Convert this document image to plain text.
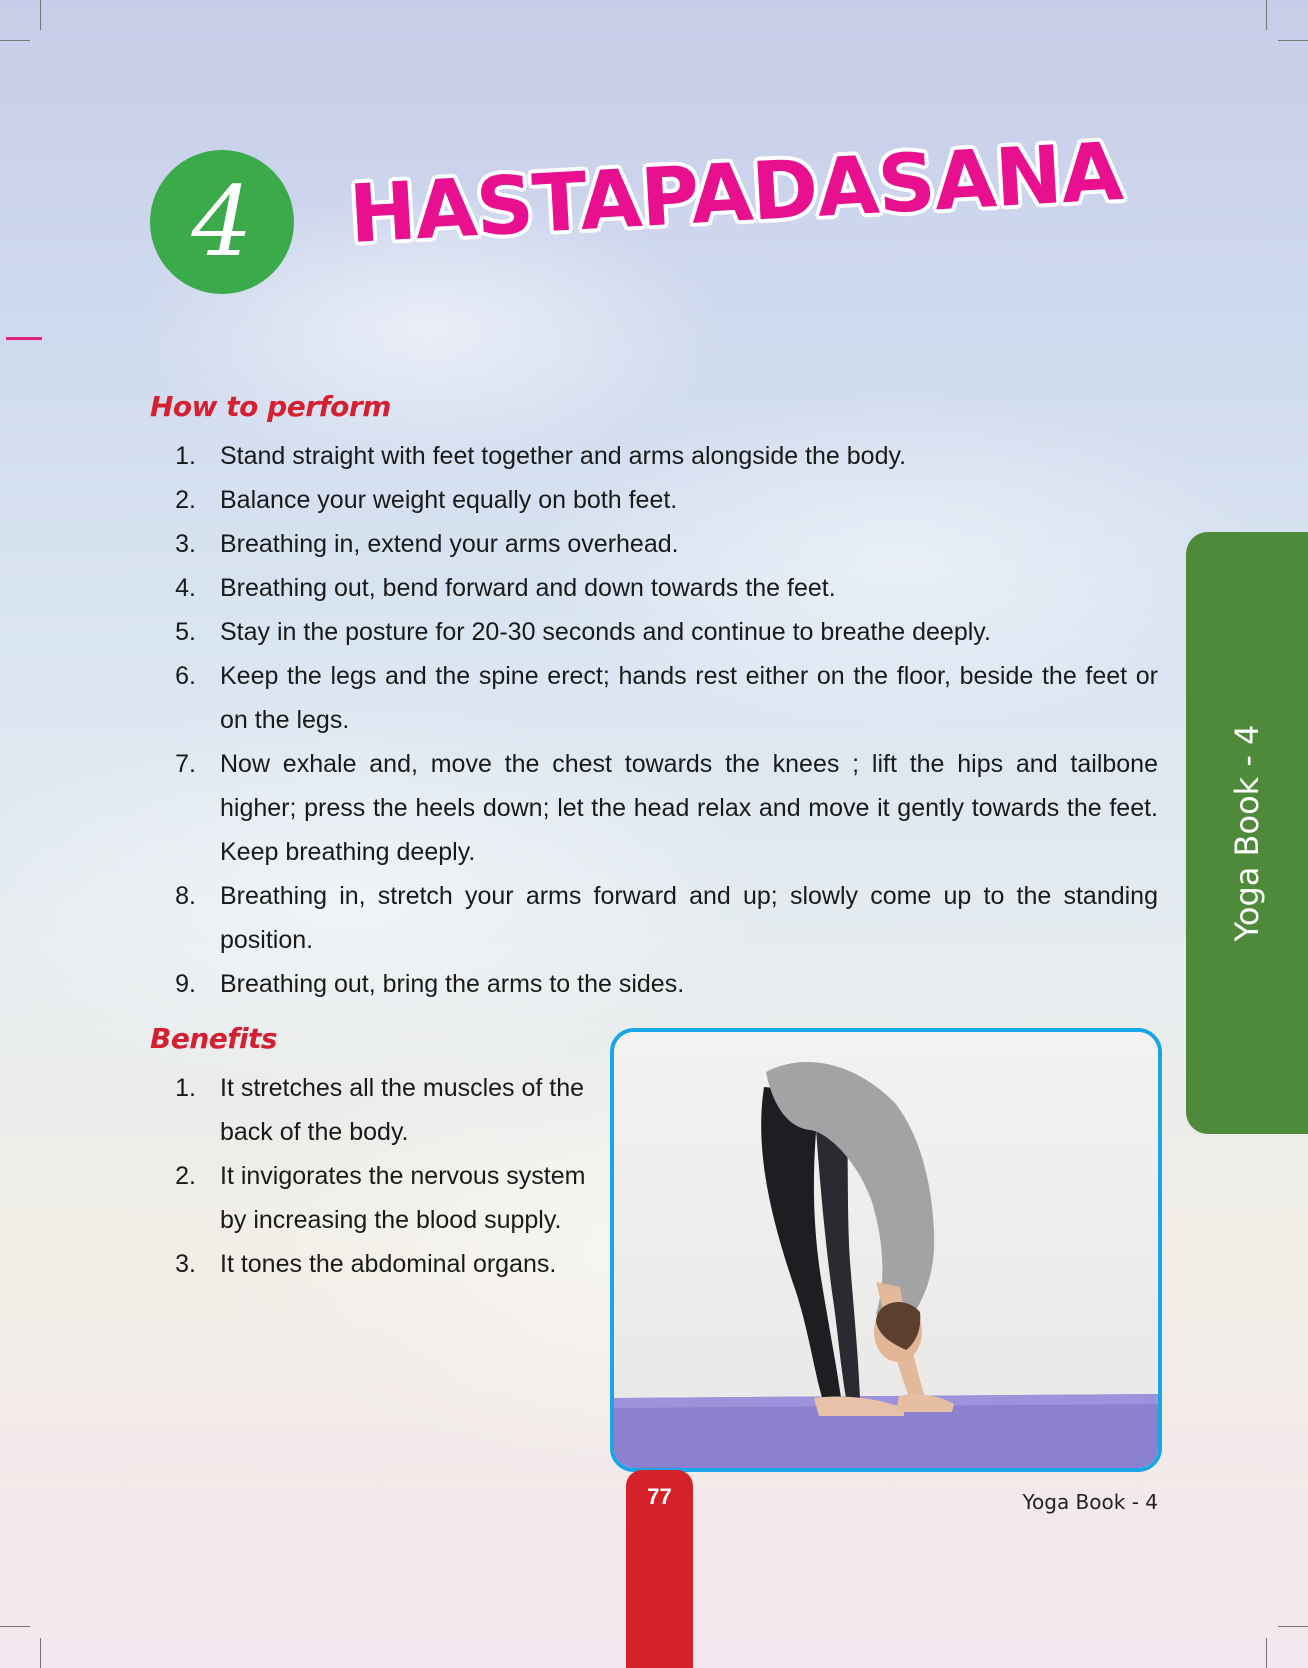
4 HASTAPADASANA
How to perform
1. Stand straight with feet together and arms alongside the body.
2. Balance your weight equally on both feet.
3. Breathing in, extend your arms overhead.
4. Breathing out, bend forward and down towards the feet.
5. Stay in the posture for 20-30 seconds and continue to breathe deeply.
6. Keep the legs and the spine erect; hands rest either on the floor, beside the feet or on the legs.
7. Now exhale and, move the chest towards the knees ; lift the hips and tailbone higher; press the heels down; let the head relax and move it gently towards the feet. Keep breathing deeply.
8. Breathing in, stretch your arms forward and up; slowly come up to the standing position.
9. Breathing out, bring the arms to the sides.
Benefits
1. It stretches all the muscles of the back of the body.
2. It invigorates the nervous system by increasing the blood supply.
3. It tones the abdominal organs.
Yoga Book - 4
77	Yoga Book - 4
